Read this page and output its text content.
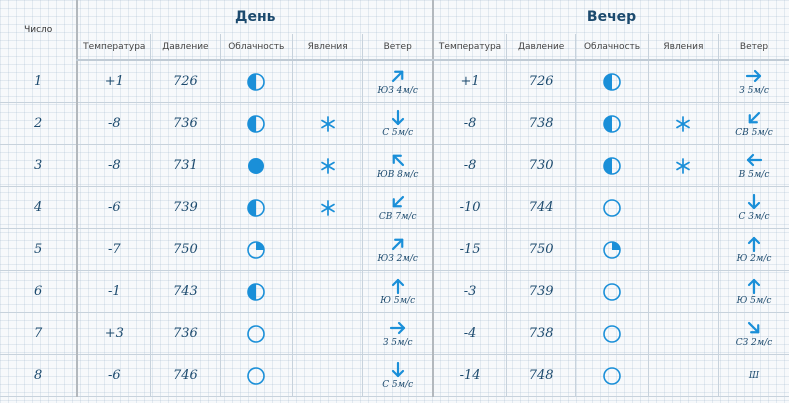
Число	День					Вечер				
	Температура	Давление	Облачность	Явления	Ветер	Температура	Давление	Облачность	Явления	Ветер
1	+1	726			ЮЗ 4м/с	+1	726			З 5м/с

2	-8	736			С 5м/с	-8	738			СВ 5м/с

3	-8	731			ЮВ 8м/с	-8	730			В 5м/с

4	-6	739			СВ 7м/с	-10	744			С 3м/с

5	-7	750			ЮЗ 2м/с	-15	750			Ю 2м/с

6	-1	743			Ю 5м/с	-3	739			Ю 5м/с

7	+3	736			З 5м/с	-4	738			СЗ 2м/с

8	-6	746			С 5м/с	-14	748			Ш
